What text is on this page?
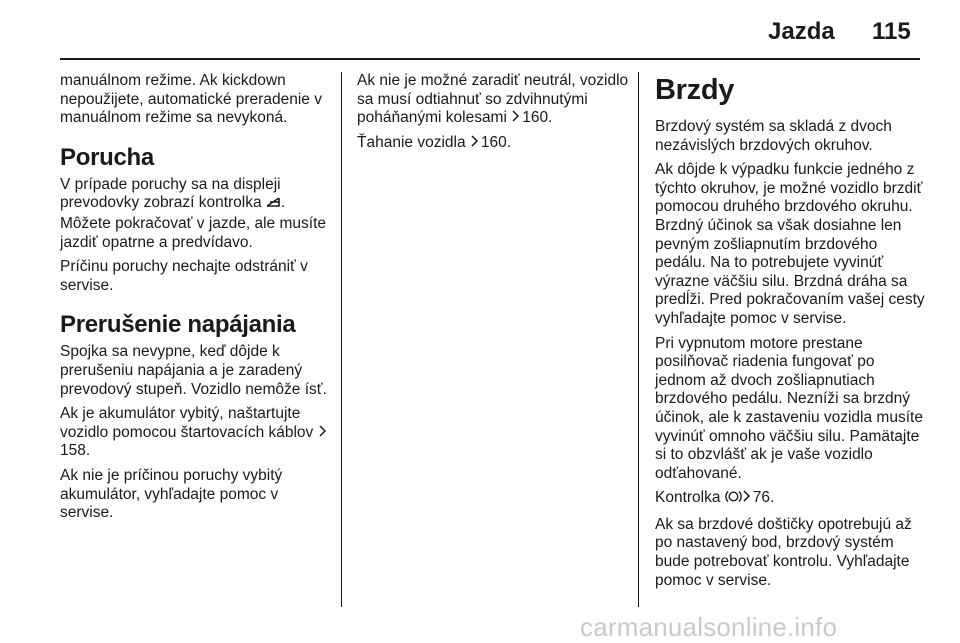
Jazda 115

manuálnom režime. Ak kickdown nepoužijete, automatické preradenie v manuálnom režime sa nevykoná.

Porucha

V prípade poruchy sa na displeji prevodovky zobrazí kontrolka . Môžete pokračovať v jazde, ale musíte jazdiť opatrne a predvídavo.

Príčinu poruchy nechajte odstrániť v servise.

Prerušenie napájania

Spojka sa nevypne, keď dôjde k prerušeniu napájania a je zaradený prevodový stupeň. Vozidlo nemôže ísť.

Ak je akumulátor vybitý, naštartujte vozidlo pomocou štartovacích káblov 158.

Ak nie je príčinou poruchy vybitý akumulátor, vyhľadajte pomoc v servise.

Ak nie je možné zaradiť neutrál, vozidlo sa musí odtiahnuť so zdvihnutými poháňanými kolesami 160.

Ťahanie vozidla 160.

Brzdy

Brzdový systém sa skladá z dvoch nezávislých brzdových okruhov.

Ak dôjde k výpadku funkcie jedného z týchto okruhov, je možné vozidlo brzdiť pomocou druhého brzdového okruhu. Brzdný účinok sa však dosiahne len pevným zošliapnutím brzdového pedálu. Na to potrebujete vyvinúť výrazne väčšiu silu. Brzdná dráha sa predĺži. Pred pokračovaním vašej cesty vyhľadajte pomoc v servise.

Pri vypnutom motore prestane posilňovač riadenia fungovať po jednom až dvoch zošliapnutiach brzdového pedálu. Nezníži sa brzdný účinok, ale k zastaveniu vozidla musíte vyvinúť omnoho väčšiu silu. Pamätajte si to obzvlášť ak je vaše vozidlo odťahované.

Kontrolka 76.

Ak sa brzdové doštičky opotrebujú až po nastavený bod, brzdový systém bude potrebovať kontrolu. Vyhľadajte pomoc v servise.

carmanualsonline.info
